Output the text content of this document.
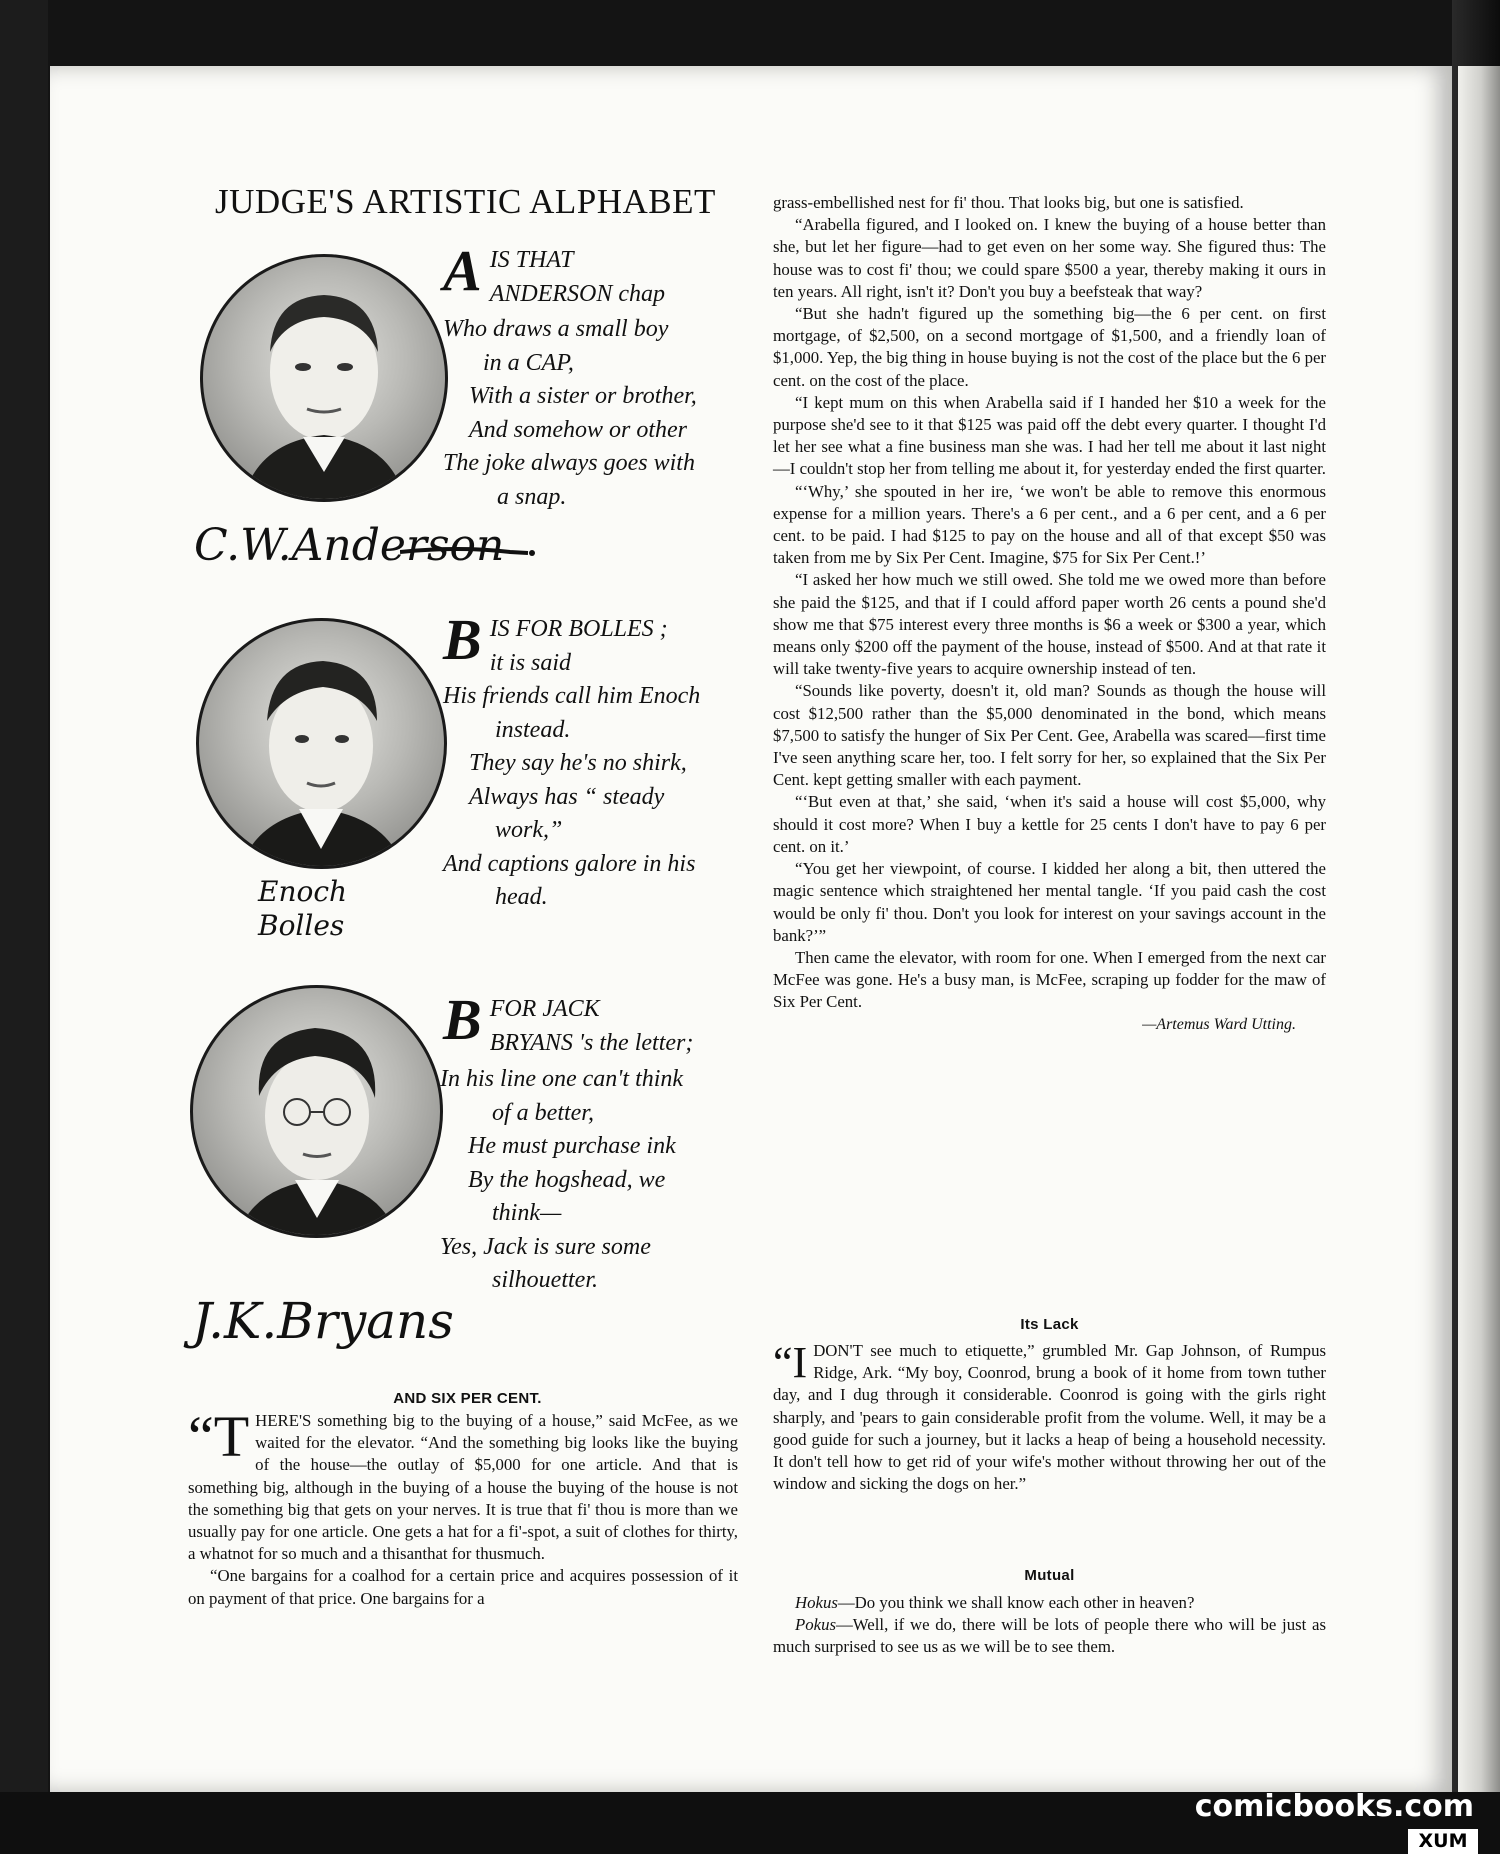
JUDGE'S ARTISTIC ALPHABET
A IS THAT
ANDERSON chap
Who draws a small boy
in a CAP,
With a sister or brother,
And somehow or other
The joke always goes with
a snap.
C.W.Anderson
B IS FOR BOLLES ;
it is said
His friends call him Enoch
instead.
They say he's no shirk,
Always has “ steady
work,”
And captions galore in his
head.
Enoch Bolles
B FOR JACK
BRYANS 's the letter;
In his line one can't think
of a better,
He must purchase ink
By the hogshead, we
think—
Yes, Jack is sure some
silhouetter.
J.K.Bryans
AND SIX PER CENT.

“THERE'S something big to the buying of a house,” said McFee, as we waited for the elevator. “And the something big looks like the buying of the house—the outlay of $5,000 for one article. And that is something big, although in the buying of a house the buying of the house is not the something big that gets on your nerves. It is true that fi' thou is more than we usually pay for one article. One gets a hat for a fi'-spot, a suit of clothes for thirty, a whatnot for so much and a thisanthat for thusmuch.

“One bargains for a coalhod for a certain price and acquires possession of it on payment of that price. One bargains for a

grass-embellished nest for fi' thou. That looks big, but one is satisfied.

“Arabella figured, and I looked on. I knew the buying of a house better than she, but let her figure—had to get even on her some way. She figured thus: The house was to cost fi' thou; we could spare $500 a year, thereby making it ours in ten years. All right, isn't it? Don't you buy a beefsteak that way?

“But she hadn't figured up the something big—the 6 per cent. on first mortgage, of $2,500, on a second mortgage of $1,500, and a friendly loan of $1,000. Yep, the big thing in house buying is not the cost of the place but the 6 per cent. on the cost of the place.

“I kept mum on this when Arabella said if I handed her $10 a week for the purpose she'd see to it that $125 was paid off the debt every quarter. I thought I'd let her see what a fine business man she was. I had her tell me about it last night—I couldn't stop her from telling me about it, for yesterday ended the first quarter.

“‘Why,’ she spouted in her ire, ‘we won't be able to remove this enormous expense for a million years. There's a 6 per cent., and a 6 per cent, and a 6 per cent. to be paid. I had $125 to pay on the house and all of that except $50 was taken from me by Six Per Cent. Imagine, $75 for Six Per Cent.!’

“I asked her how much we still owed. She told me we owed more than before she paid the $125, and that if I could afford paper worth 26 cents a pound she'd show me that $75 interest every three months is $6 a week or $300 a year, which means only $200 off the payment of the house, instead of $500. And at that rate it will take twenty-five years to acquire ownership instead of ten.

“Sounds like poverty, doesn't it, old man? Sounds as though the house will cost $12,500 rather than the $5,000 denominated in the bond, which means $7,500 to satisfy the hunger of Six Per Cent. Gee, Arabella was scared—first time I've seen anything scare her, too. I felt sorry for her, so explained that the Six Per Cent. kept getting smaller with each payment.

“‘But even at that,’ she said, ‘when it's said a house will cost $5,000, why should it cost more? When I buy a kettle for 25 cents I don't have to pay 6 per cent. on it.’

“You get her viewpoint, of course. I kidded her along a bit, then uttered the magic sentence which straightened her mental tangle. ‘If you paid cash the cost would be only fi' thou. Don't you look for interest on your savings account in the bank?’”

Then came the elevator, with room for one. When I emerged from the next car McFee was gone. He's a busy man, is McFee, scraping up fodder for the maw of Six Per Cent.

—Artemus Ward Utting.

Its Lack

“IDON'T see much to etiquette,” grumbled Mr. Gap Johnson, of Rumpus Ridge, Ark. “My boy, Coonrod, brung a book of it home from town tuther day, and I dug through it considerable. Coonrod is going with the girls right sharply, and 'pears to gain considerable profit from the volume. Well, it may be a good guide for such a journey, but it lacks a heap of being a household necessity. It don't tell how to get rid of your wife's mother without throwing her out of the window and sicking the dogs on her.”

Mutual

Hokus—Do you think we shall know each other in heaven?

Pokus—Well, if we do, there will be lots of people there who will be just as much surprised to see us as we will be to see them.

comicbooks.com
XUM
